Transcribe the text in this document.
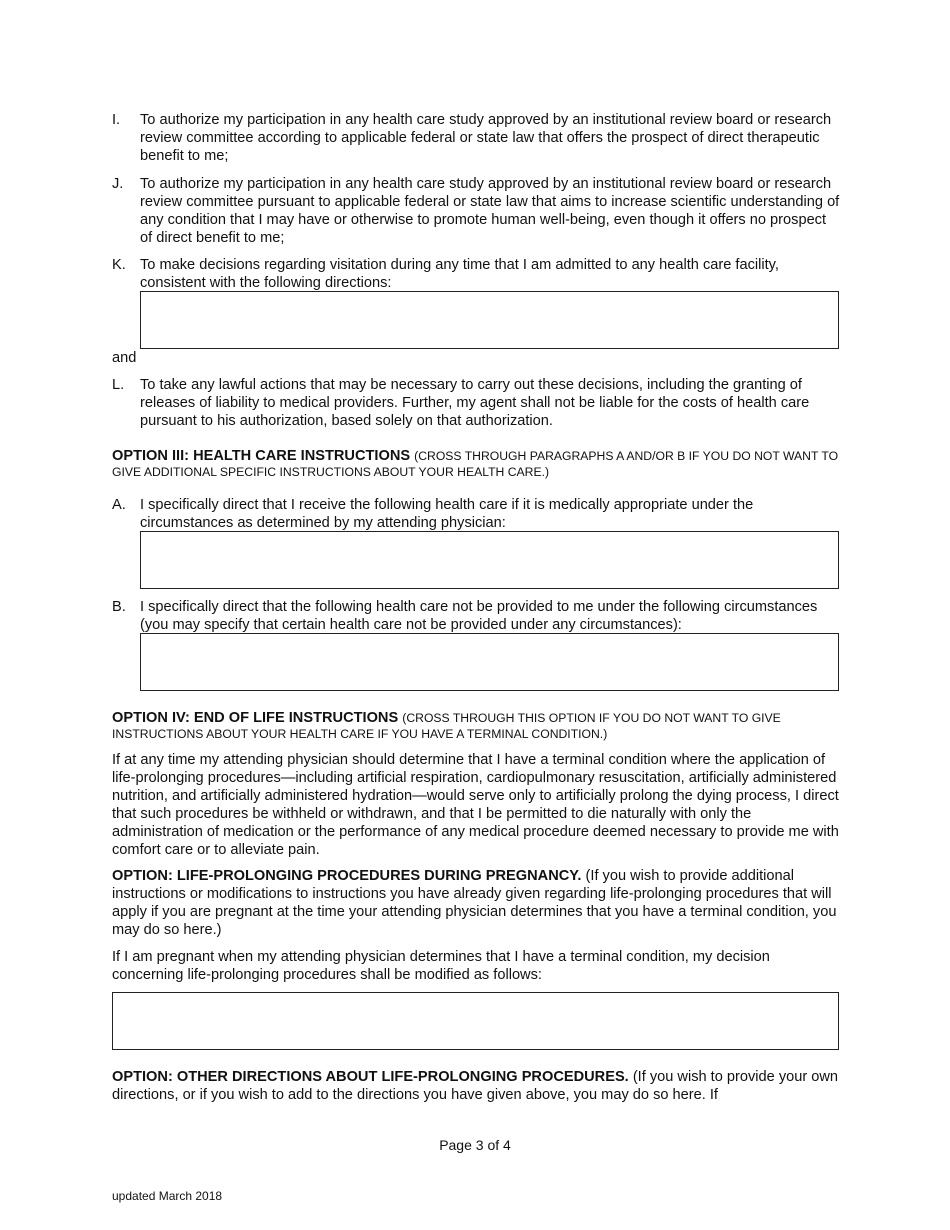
I. To authorize my participation in any health care study approved by an institutional review board or research review committee according to applicable federal or state law that offers the prospect of direct therapeutic benefit to me;
J. To authorize my participation in any health care study approved by an institutional review board or research review committee pursuant to applicable federal or state law that aims to increase scientific understanding of any condition that I may have or otherwise to promote human well-being, even though it offers no prospect of direct benefit to me;
K. To make decisions regarding visitation during any time that I am admitted to any health care facility, consistent with the following directions:
and
L. To take any lawful actions that may be necessary to carry out these decisions, including the granting of releases of liability to medical providers. Further, my agent shall not be liable for the costs of health care pursuant to his authorization, based solely on that authorization.
OPTION III: HEALTH CARE INSTRUCTIONS (CROSS THROUGH PARAGRAPHS A AND/OR B IF YOU DO NOT WANT TO GIVE ADDITIONAL SPECIFIC INSTRUCTIONS ABOUT YOUR HEALTH CARE.)
A. I specifically direct that I receive the following health care if it is medically appropriate under the circumstances as determined by my attending physician:
B. I specifically direct that the following health care not be provided to me under the following circumstances (you may specify that certain health care not be provided under any circumstances):
OPTION IV: END OF LIFE INSTRUCTIONS (CROSS THROUGH THIS OPTION IF YOU DO NOT WANT TO GIVE INSTRUCTIONS ABOUT YOUR HEALTH CARE IF YOU HAVE A TERMINAL CONDITION.)
If at any time my attending physician should determine that I have a terminal condition where the application of life-prolonging procedures—including artificial respiration, cardiopulmonary resuscitation, artificially administered nutrition, and artificially administered hydration—would serve only to artificially prolong the dying process, I direct that such procedures be withheld or withdrawn, and that I be permitted to die naturally with only the administration of medication or the performance of any medical procedure deemed necessary to provide me with comfort care or to alleviate pain.
OPTION: LIFE-PROLONGING PROCEDURES DURING PREGNANCY. (If you wish to provide additional instructions or modifications to instructions you have already given regarding life-prolonging procedures that will apply if you are pregnant at the time your attending physician determines that you have a terminal condition, you may do so here.)
If I am pregnant when my attending physician determines that I have a terminal condition, my decision concerning life-prolonging procedures shall be modified as follows:
OPTION: OTHER DIRECTIONS ABOUT LIFE-PROLONGING PROCEDURES. (If you wish to provide your own directions, or if you wish to add to the directions you have given above, you may do so here. If
Page 3 of 4
updated March 2018
